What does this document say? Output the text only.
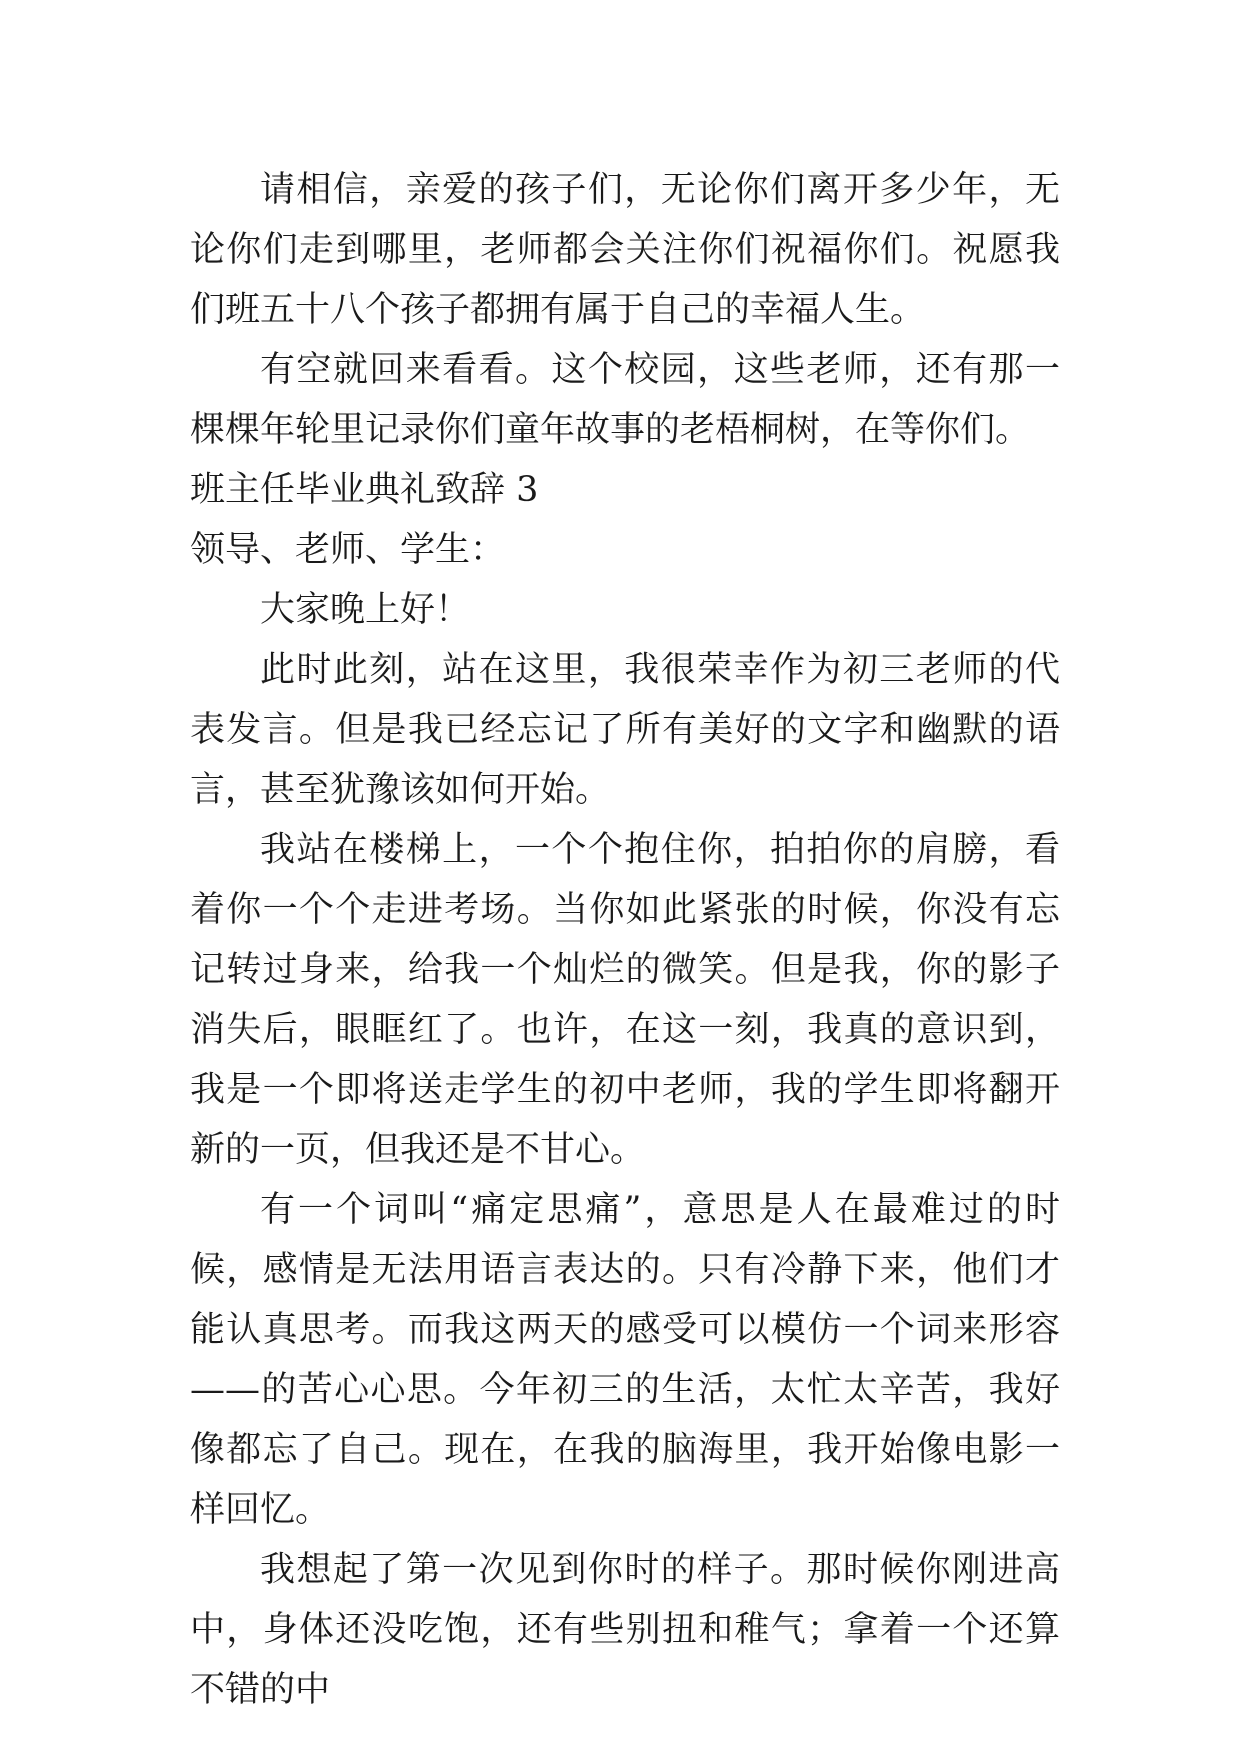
请相信，亲爱的孩子们，无论你们离开多少年，无论你们走到哪里，老师都会关注你们祝福你们。祝愿我们班五十八个孩子都拥有属于自己的幸福人生。

有空就回来看看。这个校园，这些老师，还有那一棵棵年轮里记录你们童年故事的老梧桐树，在等你们。

班主任毕业典礼致辞 3

领导、老师、学生：

大家晚上好！

此时此刻，站在这里，我很荣幸作为初三老师的代表发言。但是我已经忘记了所有美好的文字和幽默的语言，甚至犹豫该如何开始。

我站在楼梯上，一个个抱住你，拍拍你的肩膀，看着你一个个走进考场。当你如此紧张的时候，你没有忘记转过身来，给我一个灿烂的微笑。但是我，你的影子消失后，眼眶红了。也许，在这一刻，我真的意识到，我是一个即将送走学生的初中老师，我的学生即将翻开新的一页，但我还是不甘心。

有一个词叫“痛定思痛”，意思是人在最难过的时候，感情是无法用语言表达的。只有冷静下来，他们才能认真思考。而我这两天的感受可以模仿一个词来形容——的苦心心思。今年初三的生活，太忙太辛苦，我好像都忘了自己。现在，在我的脑海里，我开始像电影一样回忆。

我想起了第一次见到你时的样子。那时候你刚进高中，身体还没吃饱，还有些别扭和稚气；拿着一个还算不错的中
